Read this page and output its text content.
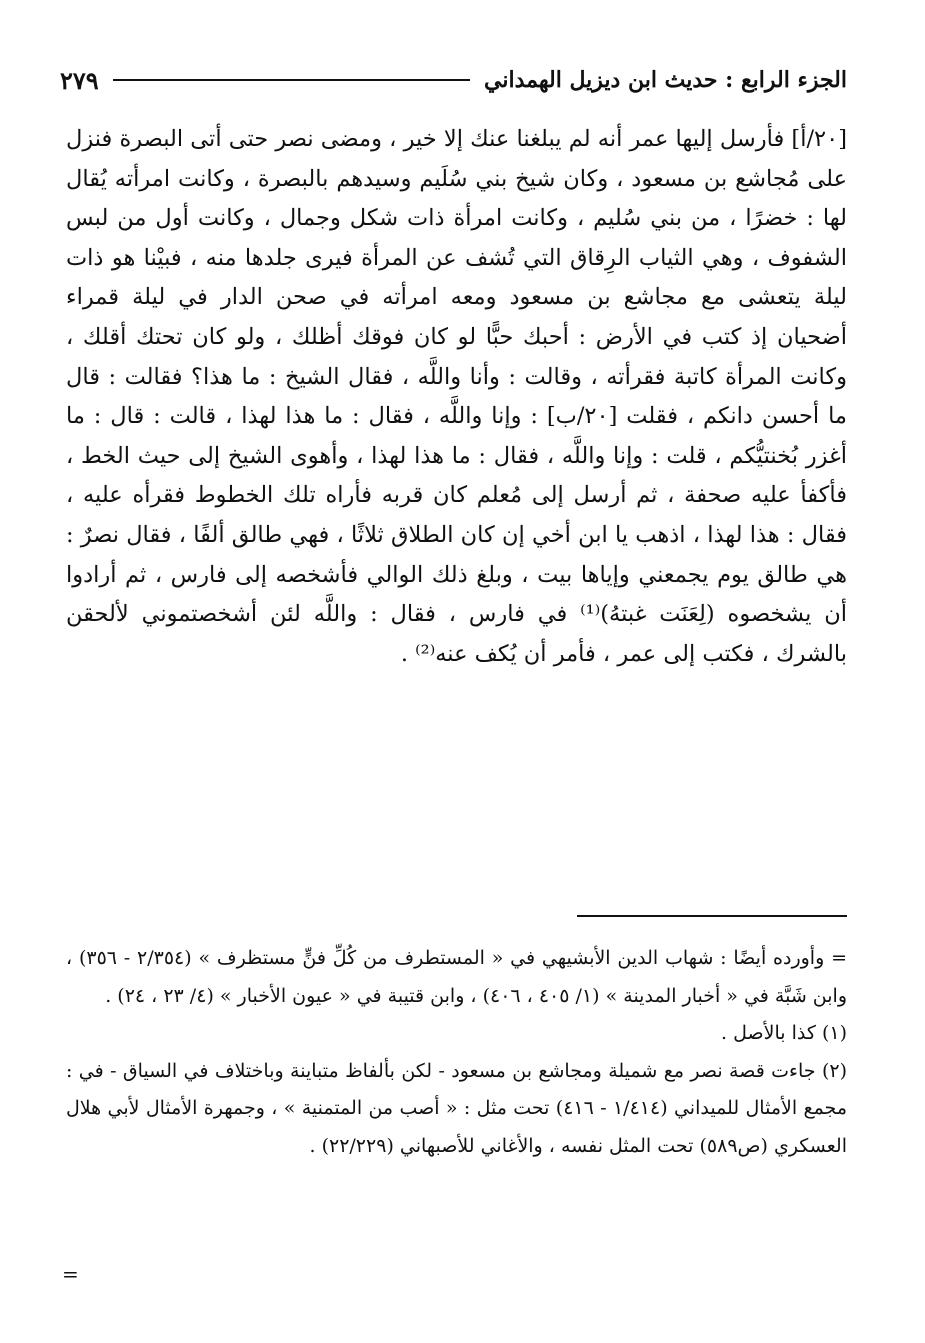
الجزء الرابع : حديث ابن ديزيل الهمداني
٢٧٩

[٢٠/أ] فأرسل إليها عمر أنه لم يبلغنا عنك إلا خير ، ومضى نصر حتى أتى البصرة فنزل على مُجاشع بن مسعود ، وكان شيخ بني سُلَيم وسيدهم بالبصرة ، وكانت امرأته يُقال لها : خضرًا ، من بني سُليم ، وكانت امرأة ذات شكل وجمال ، وكانت أول من لبس الشفوف ، وهي الثياب الرِقاق التي تُشف عن المرأة فيرى جلدها منه ، فبيْنا هو ذات ليلة يتعشى مع مجاشع بن مسعود ومعه امرأته في صحن الدار في ليلة قمراء أضحيان إذ كتب في الأرض : أحبك حبًّا لو كان فوقك أظلك ، ولو كان تحتك أقلك ، وكانت المرأة كاتبة فقرأته ، وقالت : وأنا واللَّه ، فقال الشيخ : ما هذا؟ فقالت : قال ما أحسن دانكم ، فقلت [٢٠/ب] : وإنا واللَّه ، فقال : ما هذا لهذا ، قالت : قال : ما أغزر بُخنتيُّكم ، قلت : وإنا واللَّه ، فقال : ما هذا لهذا ، وأهوى الشيخ إلى حيث الخط ، فأكفأ عليه صحفة ، ثم أرسل إلى مُعلم كان قربه فأراه تلك الخطوط فقرأه عليه ، فقال : هذا لهذا ، اذهب يا ابن أخي إن كان الطلاق ثلاثًا ، فهي طالق ألفًا ، فقال نصرٌ : هي طالق يوم يجمعني وإياها بيت ، وبلغ ذلك الوالي فأشخصه إلى فارس ، ثم أرادوا أن يشخصوه (لِعَنَت غبتهُ)⁽¹⁾ في فارس ، فقال : واللَّه لئن أشخصتموني لألحقن بالشرك ، فكتب إلى عمر ، فأمر أن يُكف عنه⁽²⁾ .

= وأورده أيضًا : شهاب الدين الأبشيهي في « المستطرف من كُلِّ فنٍّ مستظرف » (٢/٣٥٤ - ٣٥٦) ، وابن شَبَّة في « أخبار المدينة » (١/ ٤٠٥ ، ٤٠٦) ، وابن قتيبة في « عيون الأخبار » (٤/ ٢٣ ، ٢٤) .

(١) كذا بالأصل .

(٢) جاءت قصة نصر مع شميلة ومجاشع بن مسعود - لكن بألفاظ متباينة وباختلاف في السياق - في : مجمع الأمثال للميداني (١/٤١٤ - ٤١٦) تحت مثل : « أصب من المتمنية » ، وجمهرة الأمثال لأبي هلال العسكري (ص٥٨٩) تحت المثل نفسه ، والأغاني للأصبهاني (٢٢/٢٢٩) .

=
